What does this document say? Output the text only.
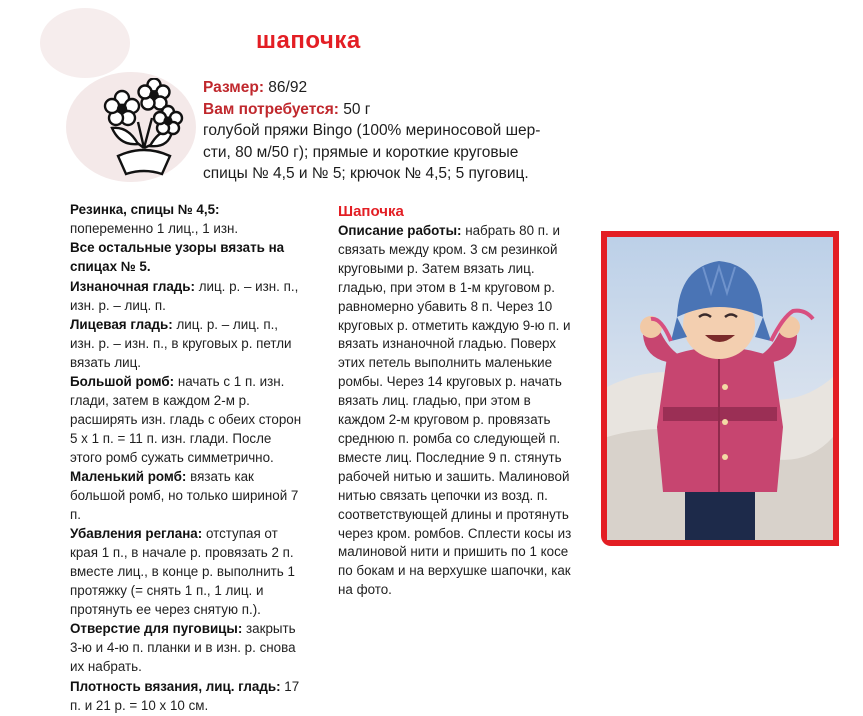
шапочка

Размер: 86/92

Вам потребуется: 50 г

голубой пряжи Bingo (100% мериносовой шер-

сти, 80 м/50 г); прямые и короткие круговые

спицы № 4,5 и № 5; крючок № 4,5; 5 пуговиц.

Резинка, спицы № 4,5: попеременно 1 лиц., 1 изн.

Все остальные узоры вязать на спицах № 5.

Изнаночная гладь: лиц. р. – изн. п., изн. р. – лиц. п.

Лицевая гладь: лиц. р. – лиц. п., изн. р. – изн. п., в круговых р. петли вязать лиц.

Большой ромб: начать с 1 п. изн. глади, затем в каждом 2-м р. расширять изн. гладь с обеих сторон 5 х 1 п. = 11 п. изн. глади. После этого ромб сужать симметрично.

Маленький ромб: вязать как большой ромб, но только шириной 7 п.

Убавления реглана: отступая от края 1 п., в начале р. провязать 2 п. вместе лиц., в конце р. выполнить 1 протяжку (= снять 1 п., 1 лиц. и протянуть ее через снятую п.).

Отверстие для пуговицы: закрыть 3-ю и 4-ю п. планки и в изн. р. снова их набрать.

Плотность вязания, лиц. гладь: 17 п. и 21 р. = 10 х 10 см.

Шапочка

Описание работы: набрать 80 п. и связать между кром. 3 см резинкой круговыми р. Затем вязать лиц. гладью, при этом в 1-м круговом р. равномерно убавить 8 п. Через 10 круговых р. отметить каждую 9-ю п. и вязать изнаночной гладью. Поверх этих петель выполнить маленькие ромбы. Через 14 круговых р. начать вязать лиц. гладью, при этом в каждом 2-м круговом р. провязать среднюю п. ромба со следующей п. вместе лиц. Последние 9 п. стянуть рабочей нитью и зашить. Малиновой нитью связать цепочки из возд. п. соответствующей длины и протянуть через кром. ромбов. Сплести косы из малиновой нити и пришить по 1 косе по бокам и на верхушке шапочки, как на фото.
